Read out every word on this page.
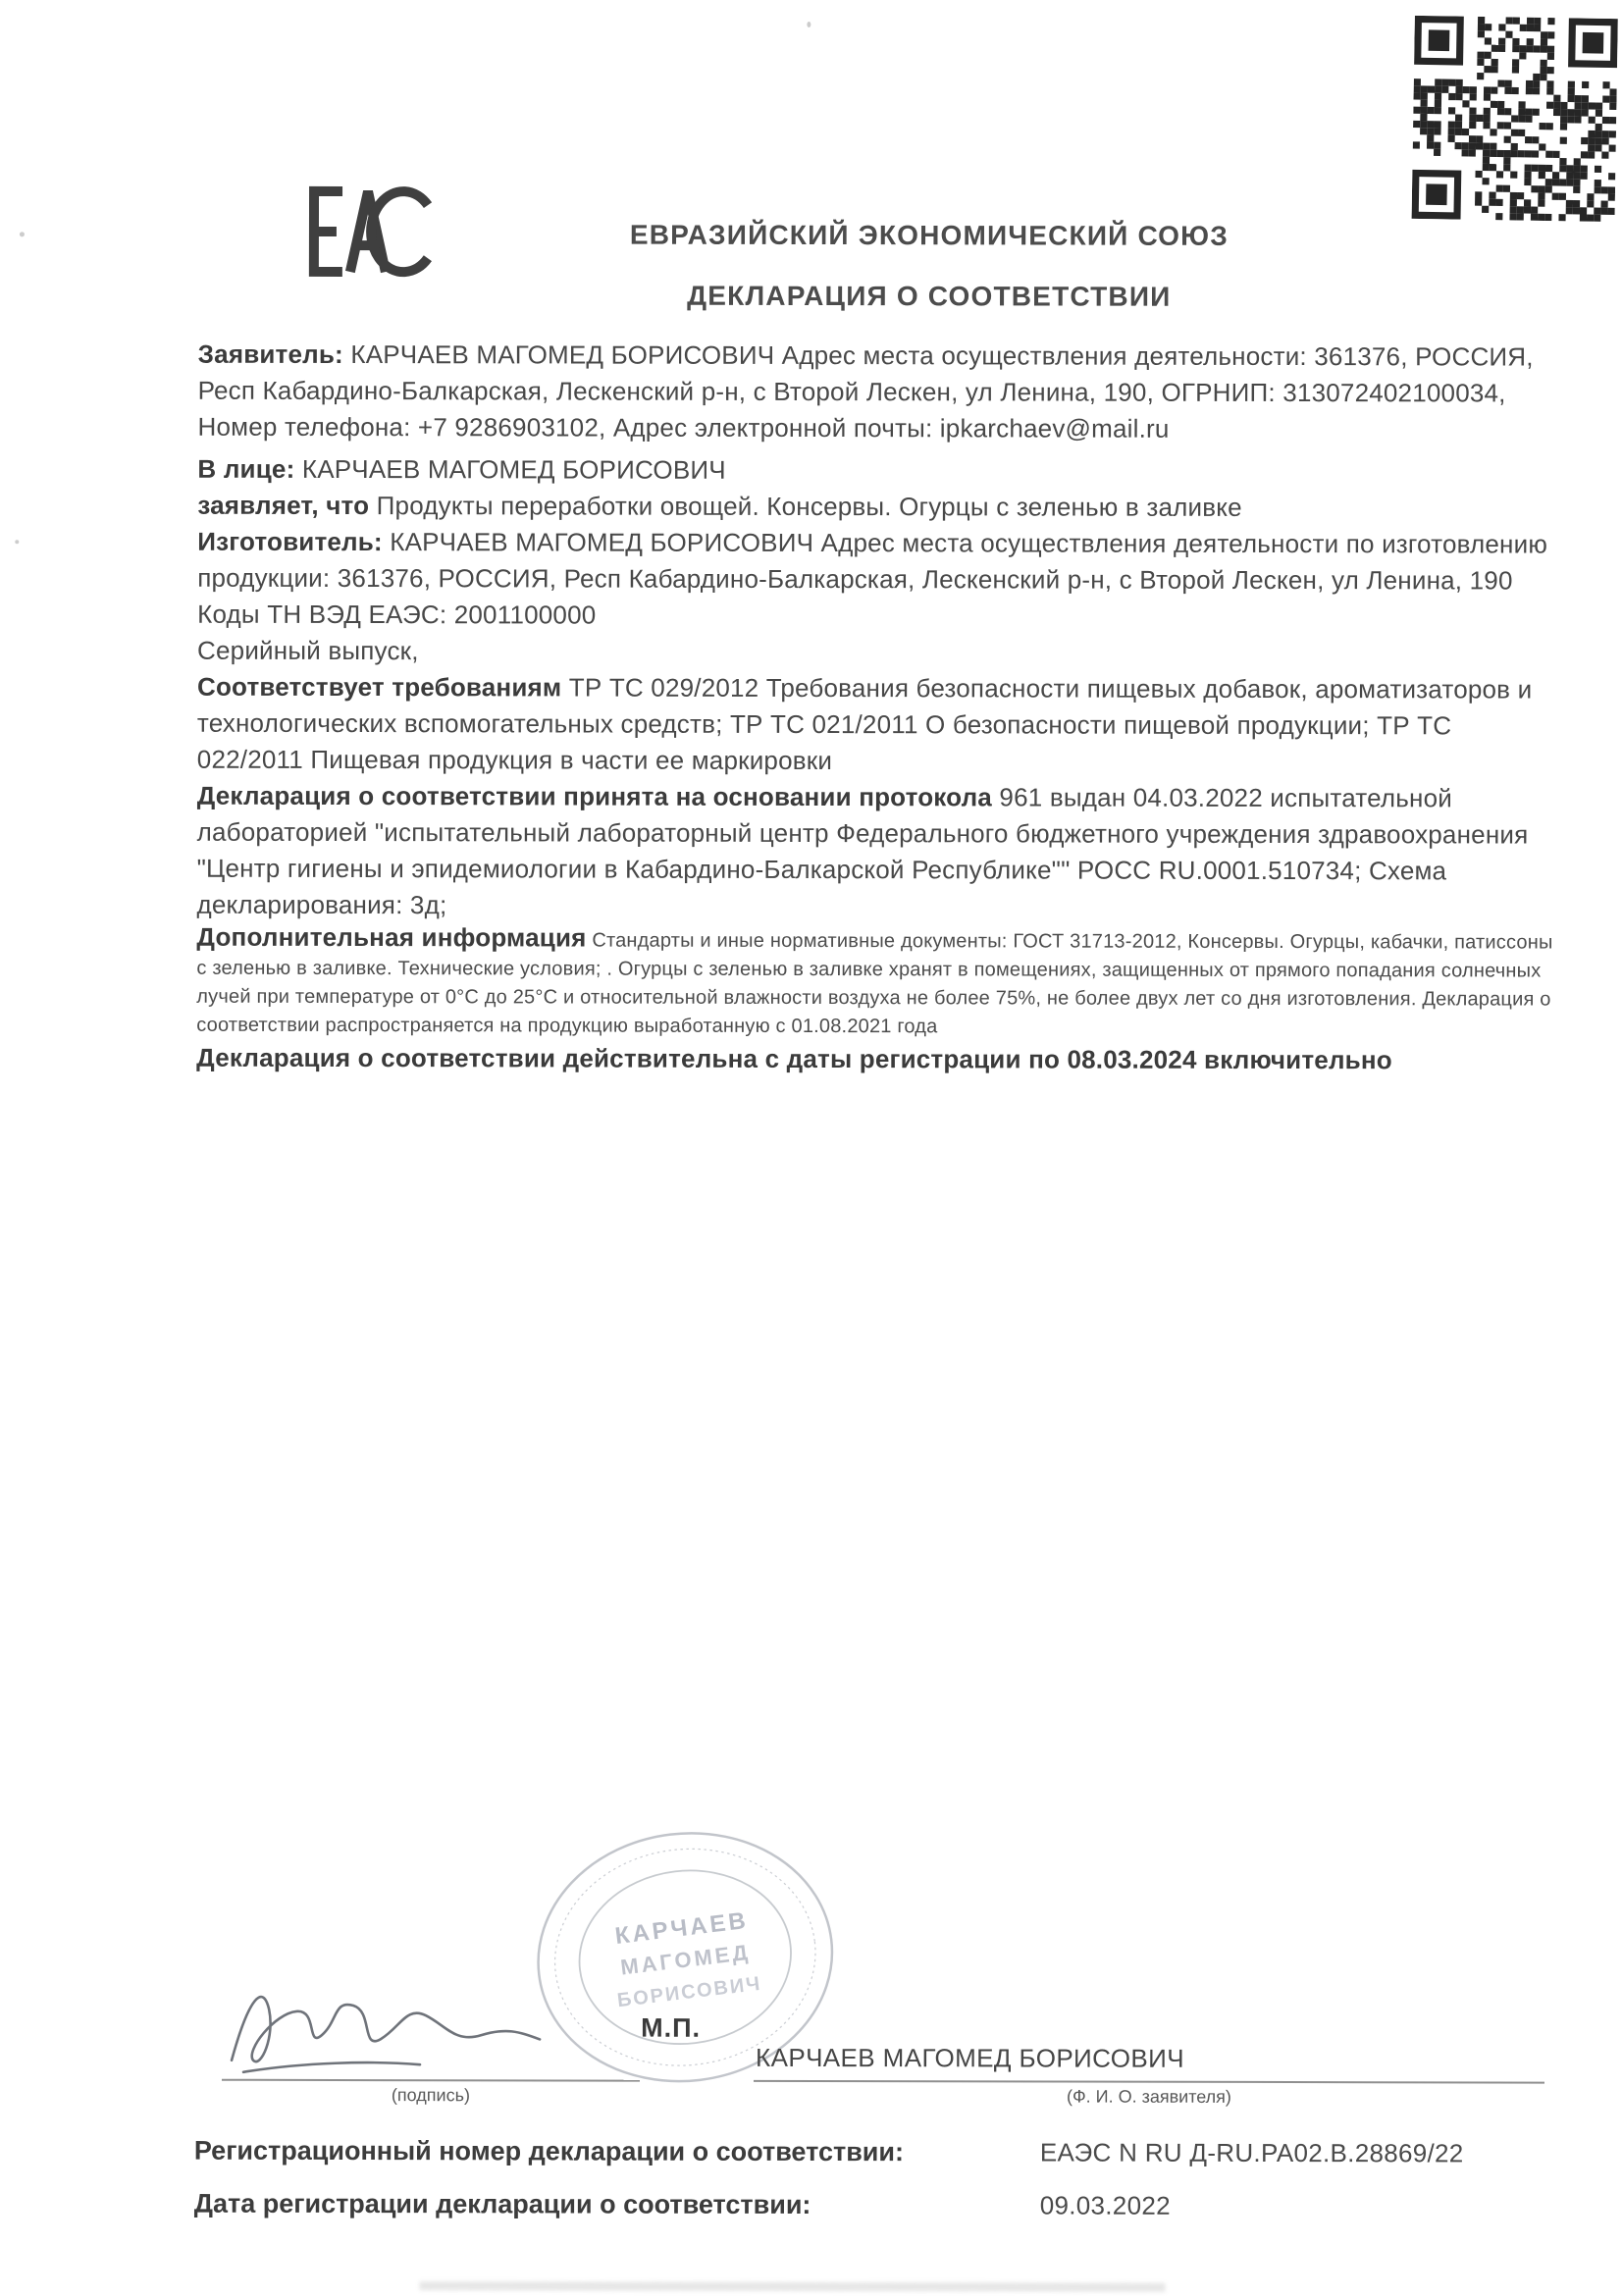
ЕВРАЗИЙСКИЙ ЭКОНОМИЧЕСКИЙ СОЮЗ
ДЕКЛАРАЦИЯ О СООТВЕТСТВИИ

Заявитель: КАРЧАЕВ МАГОМЕД БОРИСОВИЧ Адрес места осуществления деятельности: 361376, РОССИЯ, Респ Кабардино-Балкарская, Лескенский р-н, с Второй Лескен, ул Ленина, 190, ОГРНИП: 313072402100034, Номер телефона: +7 9286903102, Адрес электронной почты: ipkarchaev@mail.ru

В лице: КАРЧАЕВ МАГОМЕД БОРИСОВИЧ

заявляет, что Продукты переработки овощей. Консервы. Огурцы с зеленью в заливке

Изготовитель: КАРЧАЕВ МАГОМЕД БОРИСОВИЧ Адрес места осуществления деятельности по изготовлению продукции: 361376, РОССИЯ, Респ Кабардино-Балкарская, Лескенский р-н, с Второй Лескен, ул Ленина, 190

Коды ТН ВЭД ЕАЭС: 2001100000

Серийный выпуск,

Соответствует требованиям ТР ТС 029/2012 Требования безопасности пищевых добавок, ароматизаторов и технологических вспомогательных средств; ТР ТС 021/2011 О безопасности пищевой продукции; ТР ТС 022/2011 Пищевая продукция в части ее маркировки

Декларация о соответствии принята на основании протокола 961 выдан 04.03.2022 испытательной лабораторией "испытательный лабораторный центр Федерального бюджетного учреждения здравоохранения "Центр гигиены и эпидемиологии в Кабардино-Балкарской Республике"" РОСС RU.0001.510734; Схема декларирования: 3д;

Дополнительная информация Стандарты и иные нормативные документы: ГОСТ 31713-2012, Консервы. Огурцы, кабачки, патиссоны с зеленью в заливке. Технические условия; . Огурцы с зеленью в заливке хранят в помещениях, защищенных от прямого попадания солнечных лучей при температуре от 0°С до 25°С и относительной влажности воздуха не более 75%, не более двух лет со дня изготовления. Декларация о соответствии распространяется на продукцию выработанную с 01.08.2021 года

Декларация о соответствии действительна с даты регистрации по 08.03.2024 включительно

КАРЧАЕВ
МАГОМЕД
БОРИСОВИЧ
М.П.
(подпись)
КАРЧАЕВ МАГОМЕД БОРИСОВИЧ
(Ф. И. О. заявителя)
Регистрационный номер декларации о соответствии:	ЕАЭС N RU Д-RU.РА02.В.28869/22
Дата регистрации декларации о соответствии:	09.03.2022
